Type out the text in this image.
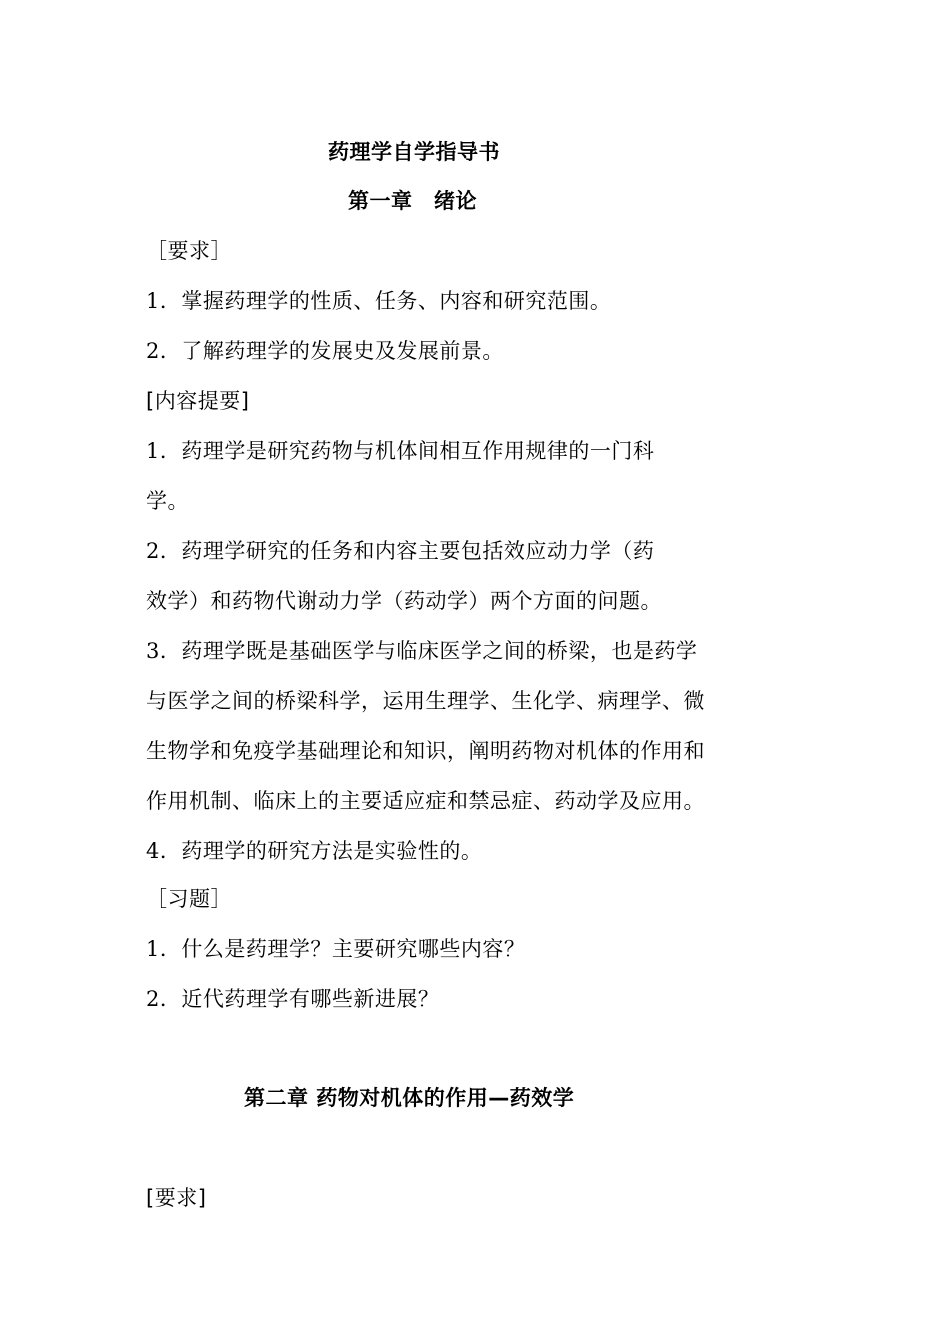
药理学自学指导书
第一章　绪论
［要求］
1．掌握药理学的性质、任务、内容和研究范围。
2．了解药理学的发展史及发展前景。
[内容提要]
1．药理学是研究药物与机体间相互作用规律的一门科
学。
2．药理学研究的任务和内容主要包括效应动力学（药
效学）和药物代谢动力学（药动学）两个方面的问题。
3．药理学既是基础医学与临床医学之间的桥梁，也是药学
与医学之间的桥梁科学，运用生理学、生化学、病理学、微
生物学和免疫学基础理论和知识，阐明药物对机体的作用和
作用机制、临床上的主要适应症和禁忌症、药动学及应用。
4．药理学的研究方法是实验性的。
［习题］
1．什么是药理学？主要研究哪些内容？
2．近代药理学有哪些新进展？
第二章 药物对机体的作用—药效学
[要求]
